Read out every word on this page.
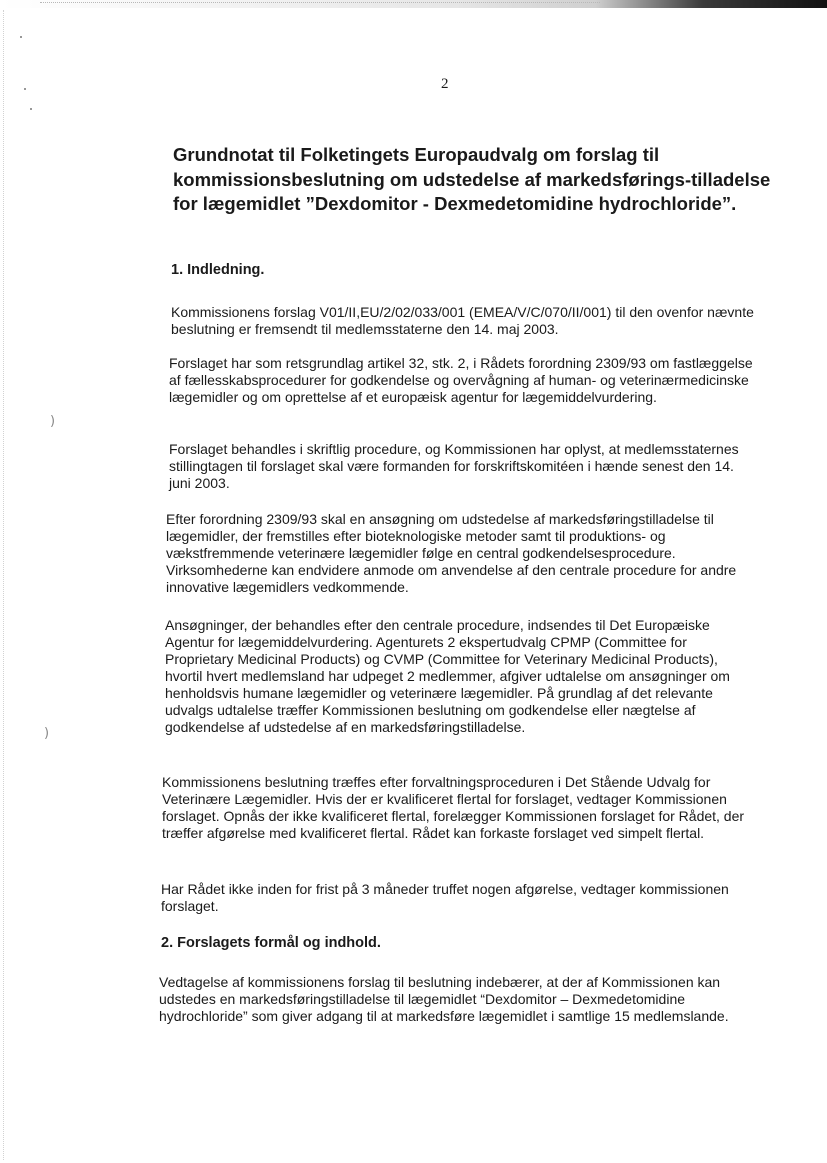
)
)
2
Grundnotat til Folketingets Europaudvalg om forslag til kommissionsbeslutning om udstedelse af markedsførings-tilladelse for lægemidlet ”Dexdomitor - Dexmedetomidine hydrochloride”.
1. Indledning.

Kommissionens forslag V01/II,EU/2/02/033/001 (EMEA/V/C/070/II/001) til den ovenfor nævnte beslutning er fremsendt til medlemsstaterne den 14. maj 2003.

Forslaget har som retsgrundlag artikel 32, stk. 2, i Rådets forordning 2309/93 om fastlæggelse af fællesskabsprocedurer for godkendelse og overvågning af human- og veterinærmedicinske lægemidler og om oprettelse af et europæisk agentur for lægemiddelvurdering.

Forslaget behandles i skriftlig procedure, og Kommissionen har oplyst, at medlemsstaternes stillingtagen til forslaget skal være formanden for forskriftskomitéen i hænde senest den 14. juni 2003.

Efter forordning 2309/93 skal en ansøgning om udstedelse af markedsføringstilladelse til lægemidler, der fremstilles efter bioteknologiske metoder samt til produktions- og vækstfremmende veterinære lægemidler følge en central godkendelsesprocedure. Virksomhederne kan endvidere anmode om anvendelse af den centrale procedure for andre innovative lægemidlers vedkommende.

Ansøgninger, der behandles efter den centrale procedure, indsendes til Det Europæiske Agentur for lægemiddelvurdering. Agenturets 2 ekspertudvalg CPMP (Committee for Proprietary Medicinal Products) og CVMP (Committee for Veterinary Medicinal Products), hvortil hvert medlemsland har udpeget 2 medlemmer, afgiver udtalelse om ansøgninger om henholdsvis humane lægemidler og veterinære lægemidler. På grundlag af det relevante udvalgs udtalelse træffer Kommissionen beslutning om godkendelse eller nægtelse af godkendelse af udstedelse af en markedsføringstilladelse.

Kommissionens beslutning træffes efter forvaltningsproceduren i Det Stående Udvalg for Veterinære Lægemidler. Hvis der er kvalificeret flertal for forslaget, vedtager Kommissionen forslaget. Opnås der ikke kvalificeret flertal, forelægger Kommissionen forslaget for Rådet, der træffer afgørelse med kvalificeret flertal. Rådet kan forkaste forslaget ved simpelt flertal.

Har Rådet ikke inden for frist på 3 måneder truffet nogen afgørelse, vedtager kommissionen forslaget.

2. Forslagets formål og indhold.

Vedtagelse af kommissionens forslag til beslutning indebærer, at der af Kommissionen kan udstedes en markedsføringstilladelse til lægemidlet “Dexdomitor – Dexmedetomidine hydrochloride” som giver adgang til at markedsføre lægemidlet i samtlige 15 medlemslande.
